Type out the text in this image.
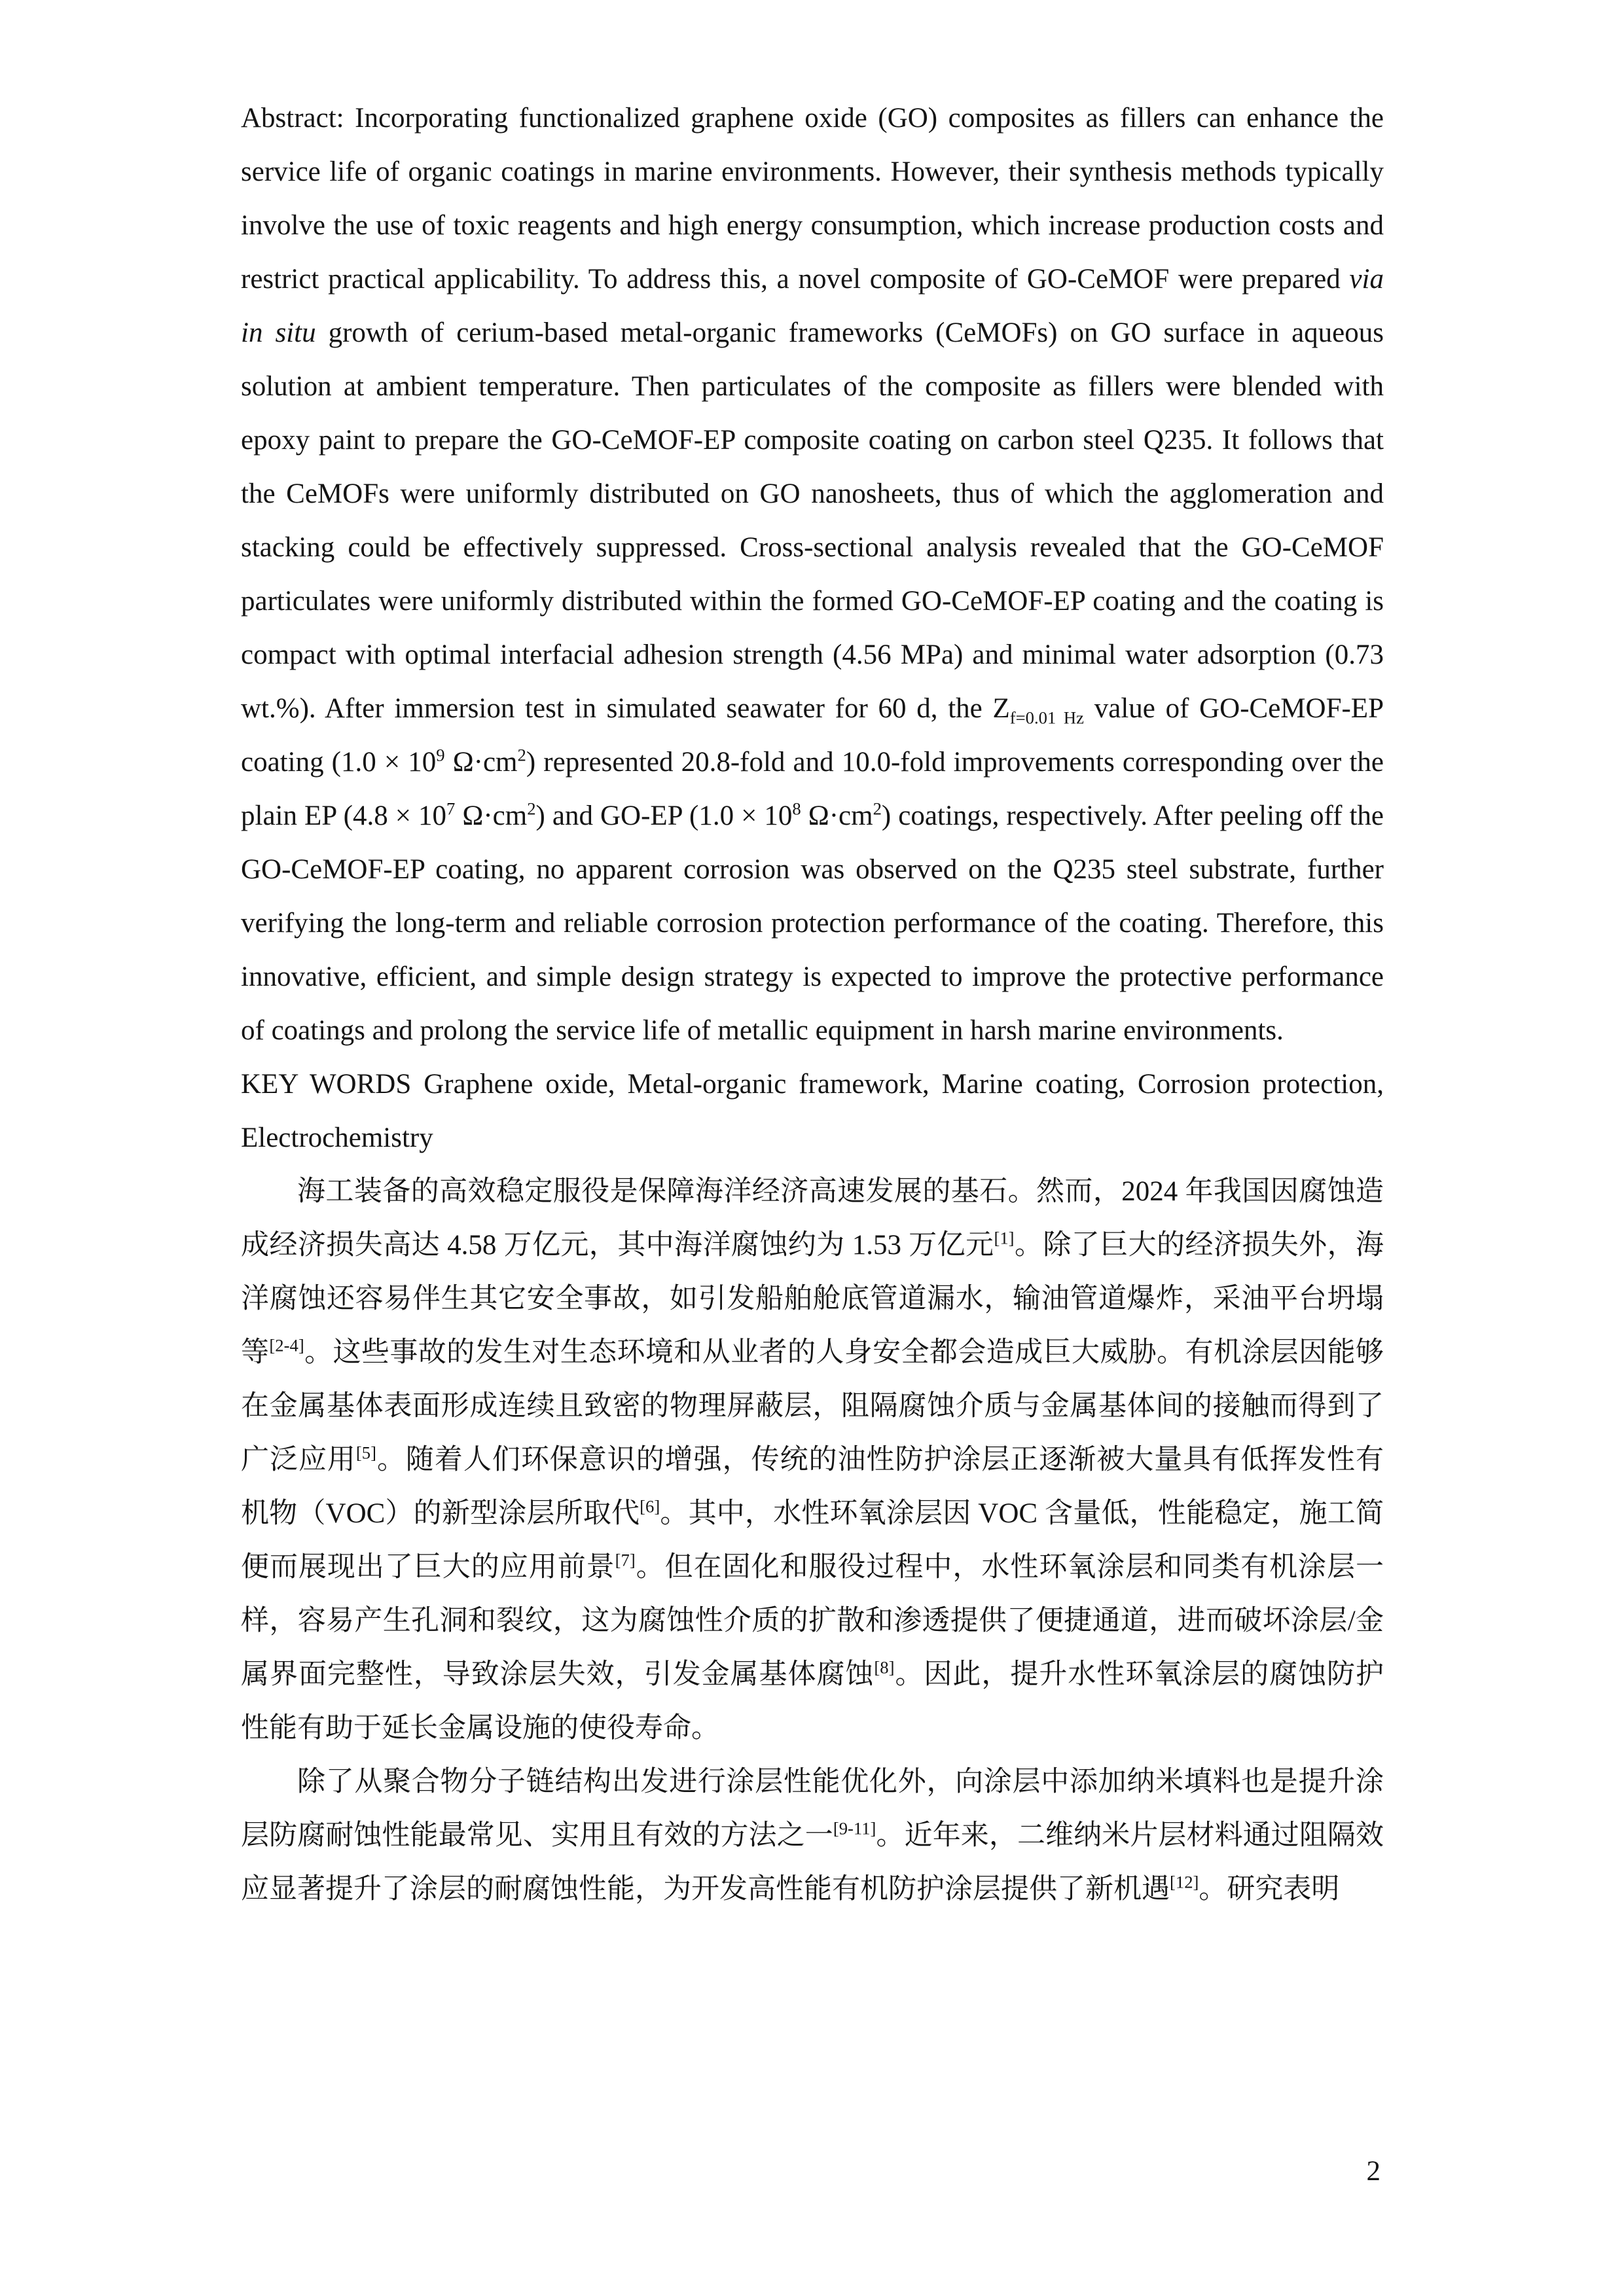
Abstract: Incorporating functionalized graphene oxide (GO) composites as fillers can enhance the service life of organic coatings in marine environments. However, their synthesis methods typically involve the use of toxic reagents and high energy consumption, which increase production costs and restrict practical applicability. To address this, a novel composite of GO-CeMOF were prepared via in situ growth of cerium-based metal-organic frameworks (CeMOFs) on GO surface in aqueous solution at ambient temperature. Then particulates of the composite as fillers were blended with epoxy paint to prepare the GO-CeMOF-EP composite coating on carbon steel Q235. It follows that the CeMOFs were uniformly distributed on GO nanosheets, thus of which the agglomeration and stacking could be effectively suppressed. Cross-sectional analysis revealed that the GO-CeMOF particulates were uniformly distributed within the formed GO-CeMOF-EP coating and the coating is compact with optimal interfacial adhesion strength (4.56 MPa) and minimal water adsorption (0.73 wt.%). After immersion test in simulated seawater for 60 d, the $Z_{f=0.01 Hz}$ value of GO-CeMOF-EP coating ($1.0 \times 10^9$ $\Omega\cdot cm^2$) represented 20.8-fold and 10.0-fold improvements corresponding over the plain EP ($4.8 \times 10^7$ $\Omega\cdot cm^2$) and GO-EP ($1.0 \times 10^8$ $\Omega\cdot cm^2$) coatings, respectively. After peeling off the GO-CeMOF-EP coating, no apparent corrosion was observed on the Q235 steel substrate, further verifying the long-term and reliable corrosion protection performance of the coating. Therefore, this innovative, efficient, and simple design strategy is expected to improve the protective performance of coatings and prolong the service life of metallic equipment in harsh marine environments.

KEY WORDS Graphene oxide, Metal-organic framework, Marine coating, Corrosion protection, Electrochemistry

海工装备的高效稳定服役是保障海洋经济高速发展的基石。然而，2024 年我国因腐蚀造成经济损失高达 4.58 万亿元，其中海洋腐蚀约为 1.53 万亿元[1]。除了巨大的经济损失外，海洋腐蚀还容易伴生其它安全事故，如引发船舶舱底管道漏水，输油管道爆炸，采油平台坍塌等[2-4]。这些事故的发生对生态环境和从业者的人身安全都会造成巨大威胁。有机涂层因能够在金属基体表面形成连续且致密的物理屏蔽层，阻隔腐蚀介质与金属基体间的接触而得到了广泛应用[5]。随着人们环保意识的增强，传统的油性防护涂层正逐渐被大量具有低挥发性有机物（VOC）的新型涂层所取代[6]。其中，水性环氧涂层因 VOC 含量低，性能稳定，施工简便而展现出了巨大的应用前景[7]。但在固化和服役过程中，水性环氧涂层和同类有机涂层一样，容易产生孔洞和裂纹，这为腐蚀性介质的扩散和渗透提供了便捷通道，进而破坏涂层/金属界面完整性，导致涂层失效，引发金属基体腐蚀[8]。因此，提升水性环氧涂层的腐蚀防护性能有助于延长金属设施的使役寿命。

除了从聚合物分子链结构出发进行涂层性能优化外，向涂层中添加纳米填料也是提升涂层防腐耐蚀性能最常见、实用且有效的方法之一[9-11]。近年来，二维纳米片层材料通过阻隔效应显著提升了涂层的耐腐蚀性能，为开发高性能有机防护涂层提供了新机遇[12]。研究表明

2
